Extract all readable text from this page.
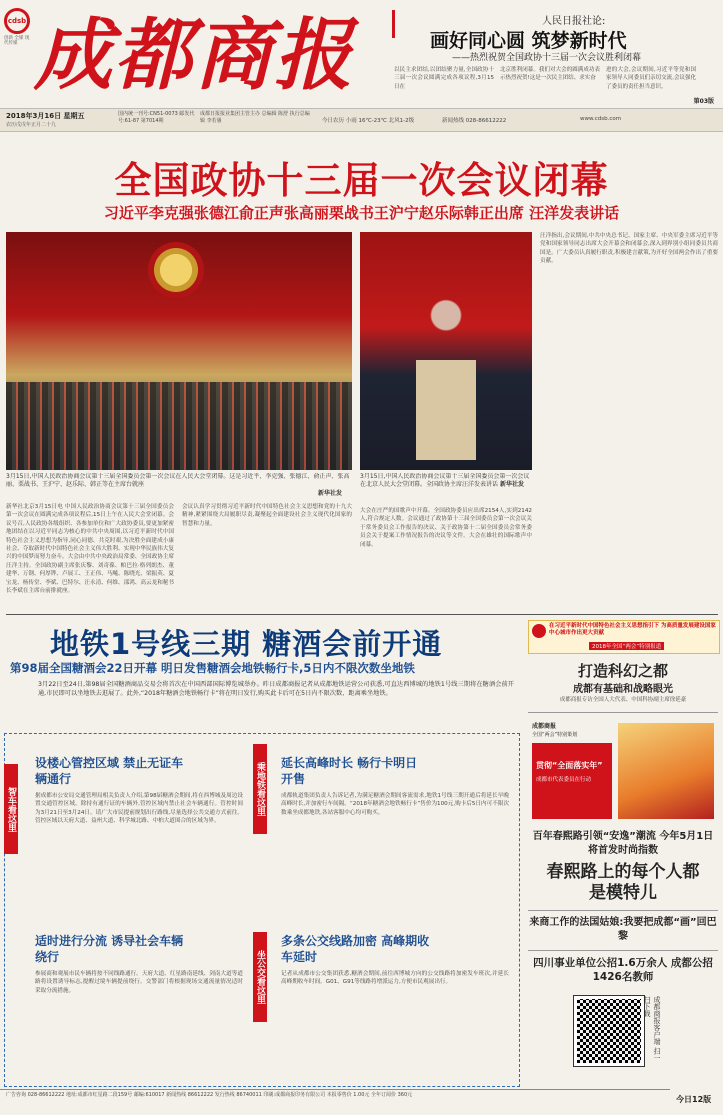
cdsb
创新 全媒 现代传媒 成都商报	人民日报社论:
画好同心圆 筑梦新时代
——热烈祝贺全国政协十三届一次会议胜利闭幕
以民主求团结,以团结聚力量,全国政协十三届一次会议圆满完成各项议程,3月15日在
北京胜利闭幕。我们对大会的圆满成功表示热烈祝贺!这是一次民主团结、求实奋
进的大会,会议期间,习近平等党和国家领导人同委员们亲切交流,会议强化了委员的责任担当意识。
第03版
2018年3月16日 星期五
农历戊戌年正月二十九
国内统一刊号:CN51-0073 邮发代号:61-87 第7014期
成都日报报业集团主管主办 总编辑 陈舒 执行总编辑 李若愚	今日农历 小雨 16℃-23℃ 北风1-2级	新闻热线 028-86612222	www.cdsb.com
全国政协十三届一次会议闭幕
习近平李克强张德江俞正声张高丽栗战书王沪宁赵乐际韩正出席 汪洋发表讲话
3月15日,中国人民政治协商会议第十三届全国委员会第一次会议在人民大会堂闭幕。这是习近平、李克强、张德江、俞正声、张高丽、栗战书、王沪宁、赵乐际、韩正等在主席台就座
新华社发
3月15日,中国人民政治协商会议第十三届全国委员会第一次会议在北京人民大会堂闭幕。全国政协主席汪洋发表讲话 新华社发
新华社北京3月15日电 中国人民政治协商会议第十三届全国委员会第一次会议在圆满完成各项议程后,15日上午在人民大会堂闭幕。会议号召,人民政协各级组织、各参加单位和广大政协委员,要更加紧密地团结在以习近平同志为核心的中共中央周围,以习近平新时代中国特色社会主义思想为指导,同心同德、共克时艰,为决胜全面建成小康社会、夺取新时代中国特色社会主义伟大胜利、实现中华民族伟大复兴的中国梦而努力奋斗。大会由中共中央政治局常委、全国政协主席汪洋主持。全国政协副主席张庆黎、刘奇葆、帕巴拉·格列朗杰、董建华、万钢、何厚铧、卢展工、王正伟、马飚、陈晓光、梁振英、夏宝龙、杨传堂、李斌、巴特尔、汪永清、何维、邵鸿、高云龙和秘书长李斌在主席台前排就座。
会议认真学习贯彻习近平新时代中国特色社会主义思想和党的十九大精神,紧紧围绕大局履职尽责,凝聚起全面建设社会主义现代化国家的智慧和力量。
大会在庄严的国歌声中开幕。全国政协委员应出席2154人,实到2142人,符合规定人数。会议通过了政协第十三届全国委员会第一次会议关于常务委员会工作报告的决议、关于政协第十二届全国委员会常务委员会关于提案工作情况报告的决议等文件。大会在雄壮的国际歌声中闭幕。
汪洋指出,会议期间,中共中央总书记、国家主席、中央军委主席习近平等党和国家领导同志出席大会开幕会和闭幕会,深入到界别小组同委员共商国是。广大委员认真履行职责,积极建言献策,为开好全国两会作出了重要贡献。
地铁1号线三期 糖酒会前开通
第98届全国糖酒会22日开幕 明日发售糖酒会地铁畅行卡,5日内不限次数坐地铁
3月22日至24日,第98届全国糖酒商品交易会将首次在中国西部国际博览城举办。昨日成都商报记者从成都地铁运营公司获悉,可直达西博城的地铁1号线三期将在糖酒会前开通,市民即可以坐地铁去逛展了。此外,“2018年糖酒会地铁畅行卡”将在明日发行,购买此卡后可在5日内不限次数、距离乘坐地铁。
智车看这里	乘地铁看这里
坐公交看这里
设楼心管控区域 禁止无证车辆通行
据成都市公安局交通管理局相关负责人介绍,第98届糖酒会期间,将在西博城及周边设置交通管控区域。除持有通行证的车辆外,管控区域内禁止社会车辆通行。管控时间为3月21日至3月24日。请广大市民提前规划出行路线,尽量选择公共交通方式前往。管控区域以天府大道、益州大道、科学城北路、中柏大道围合的区域为界。
适时进行分流 诱导社会车辆绕行
参展商和观展市民车辆将按不同线路通行。天府大道、红星路南延线、剑南大道等道路将设置诱导标志,提醒过境车辆提前绕行。交警部门将根据现场交通流量情况适时采取分流措施。
延长高峰时长 畅行卡明日开售
成都轨道集团负责人告诉记者,为满足糖酒会期间客流需求,地铁1号线三期开通后将延长早晚高峰时长,并加密行车间隔。“2018年糖酒会地铁畅行卡”售价为100元,购卡后5日内可不限次数乘坐成都地铁,各站客服中心均可购买。
多条公交线路加密 高峰期收车延时
记者从成都市公交集团获悉,糖酒会期间,前往西博城方向的公交线路将加密发车班次,并延长高峰期收车时间。G01、G91等线路将增派运力,方便市民观展出行。
在习近平新时代中国特色社会主义思想指引下 为高质量发展建设国家中心城市作出更大贡献
2018年全国“两会”特别报道
打造科幻之都
成都有基础和战略眼光
成都商报专访全国人大代表、中国科协副主席徐延豪
成都商报
全国“两会”特别策划
贯彻“全面落实年”
成都市代表委员在行动
百年春熙路引领“安逸”潮流 今年5月1日将首发时尚指数
春熙路上的每个人都是模特儿
来商工作的法国姑娘:我要把成都“画”回巴黎
四川事业单位公招1.6万余人 成都公招1426名教师
成都商报客户端 扫一扫下载
今日12版
广告咨询 028-86612222 地址:成都市红星路二段159号 邮编:610017 新闻热线 86612222 发行热线 86740011 印刷:成都商报印务有限公司 本报零售价 1.00元 全年订阅价 360元
